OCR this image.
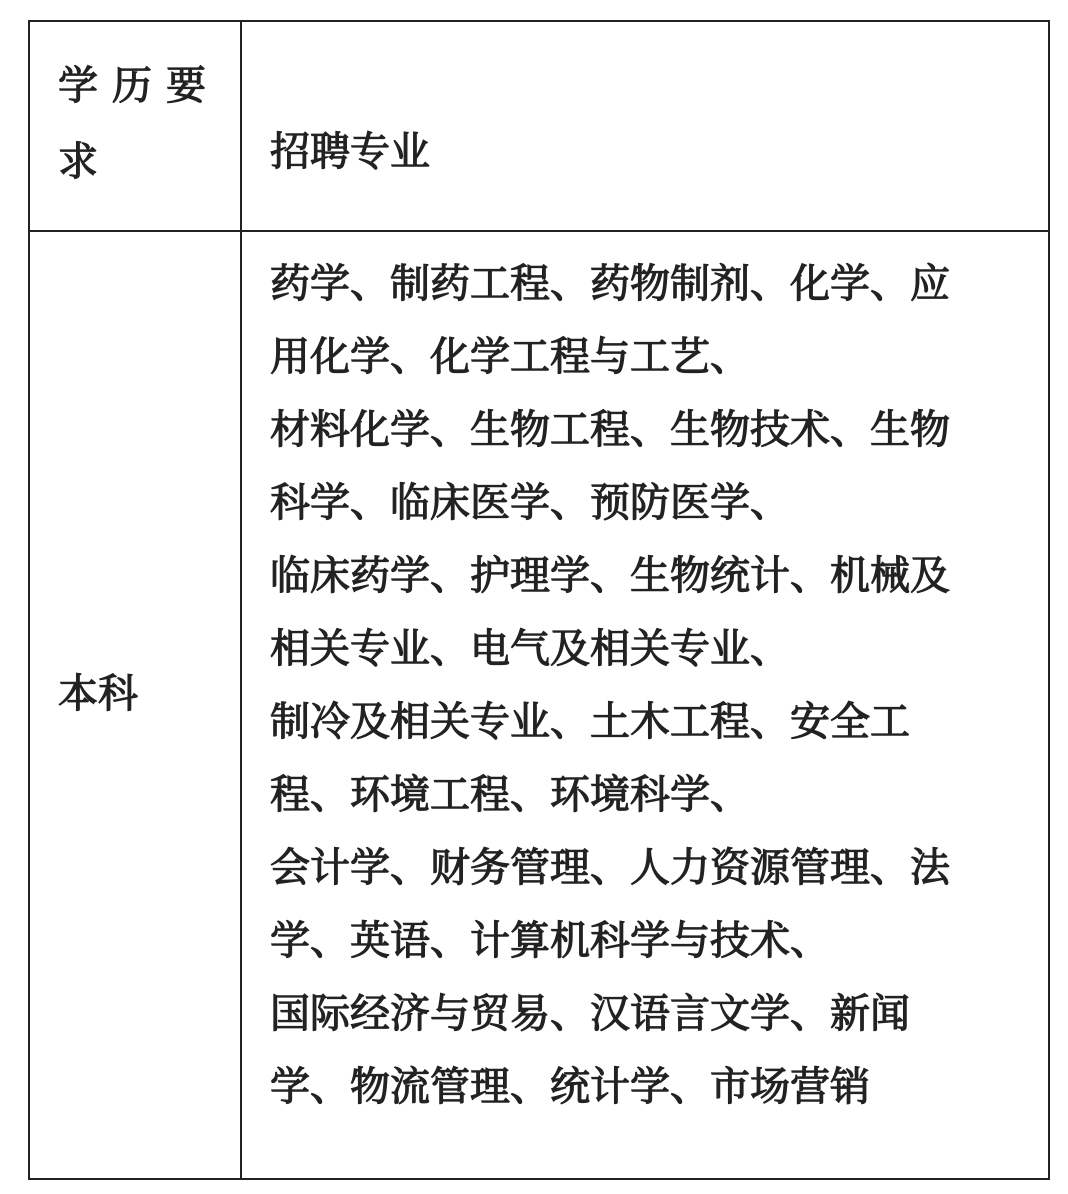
学历要求	招聘专业
本科
药学、制药工程、药物制剂、化学、应
用化学、化学工程与工艺、
材料化学、生物工程、生物技术、生物
科学、临床医学、预防医学、
临床药学、护理学、生物统计、机械及
相关专业、电气及相关专业、
制冷及相关专业、土木工程、安全工
程、环境工程、环境科学、
会计学、财务管理、人力资源管理、法
学、英语、计算机科学与技术、
国际经济与贸易、汉语言文学、新闻
学、物流管理、统计学、市场营销
